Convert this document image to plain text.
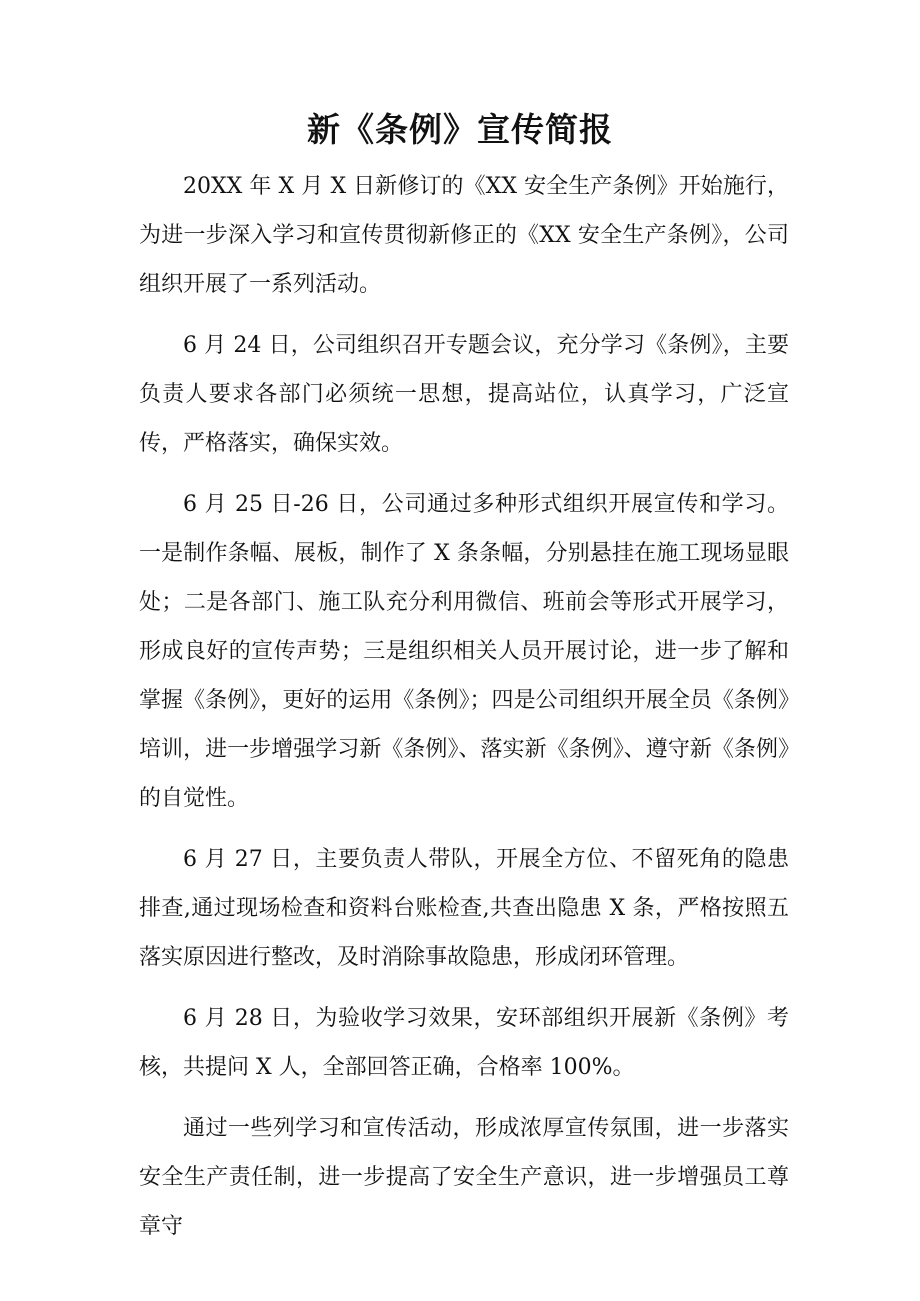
新《条例》宣传简报

20XX 年 X 月 X 日新修订的《XX 安全生产条例》开始施行，为进一步深入学习和宣传贯彻新修正的《XX 安全生产条例》，公司组织开展了一系列活动。

6 月 24 日，公司组织召开专题会议，充分学习《条例》，主要负责人要求各部门必须统一思想，提高站位，认真学习，广泛宣传，严格落实，确保实效。

6 月 25 日-26 日，公司通过多种形式组织开展宣传和学习。一是制作条幅、展板，制作了 X 条条幅，分别悬挂在施工现场显眼处；二是各部门、施工队充分利用微信、班前会等形式开展学习，形成良好的宣传声势；三是组织相关人员开展讨论，进一步了解和掌握《条例》，更好的运用《条例》；四是公司组织开展全员《条例》培训，进一步增强学习新《条例》、落实新《条例》、遵守新《条例》的自觉性。

6 月 27 日，主要负责人带队，开展全方位、不留死角的隐患排查,通过现场检查和资料台账检查,共查出隐患 X 条，严格按照五落实原因进行整改，及时消除事故隐患，形成闭环管理。

6 月 28 日，为验收学习效果，安环部组织开展新《条例》考核，共提问 X 人，全部回答正确，合格率 100%。

通过一些列学习和宣传活动，形成浓厚宣传氛围，进一步落实安全生产责任制，进一步提高了安全生产意识，进一步增强员工尊章守
